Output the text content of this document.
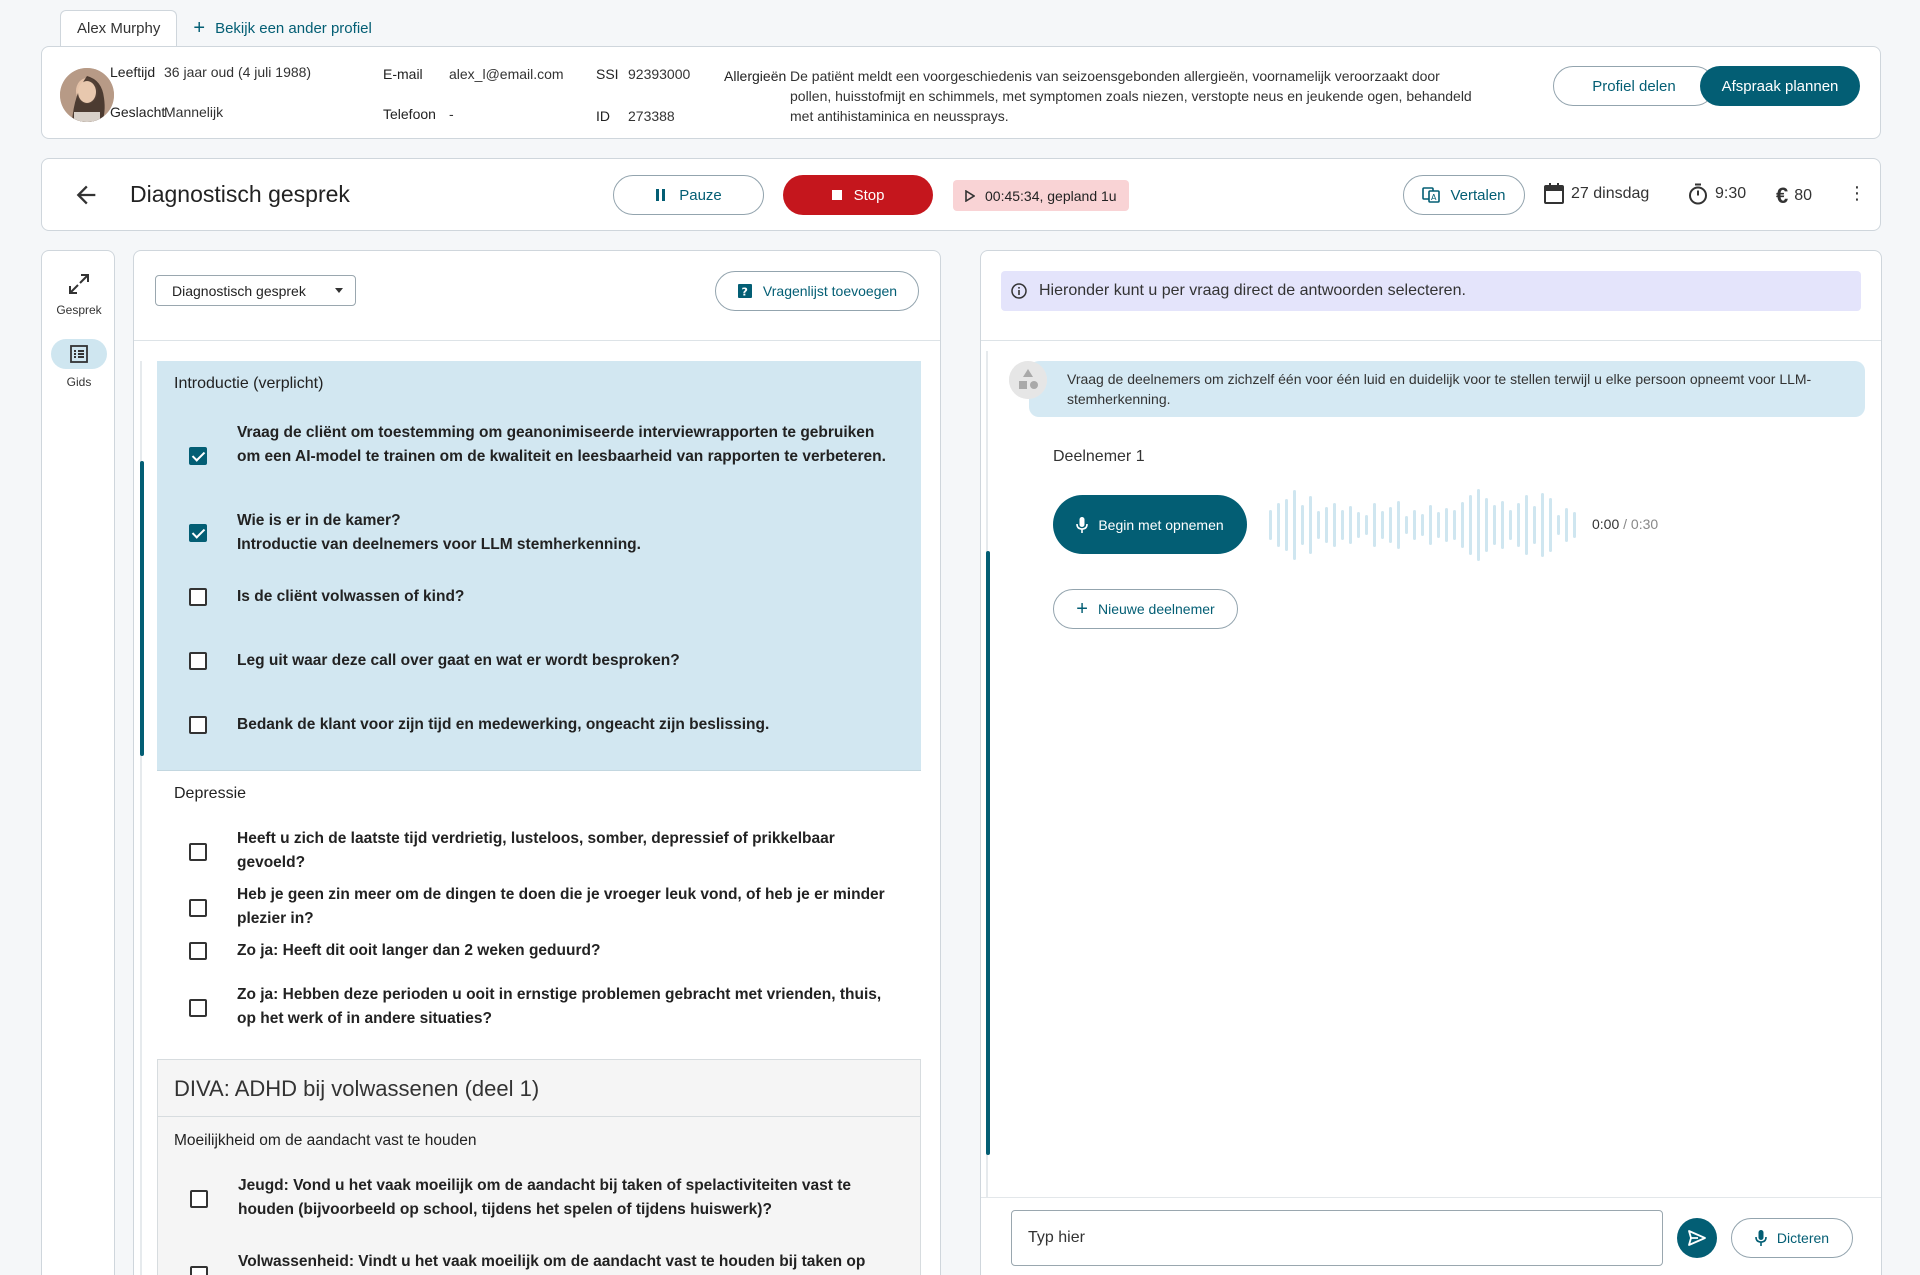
Alex Murphy + Bekijk een ander profiel
Leeftijd 36 jaar oud (4 juli 1988)
Geslacht
Mannelijk
E-mail alex_l@email.com
Telefoon -
SSI 92393000
ID 273388
Allergieën De patiënt meldt een voorgeschiedenis van seizoensgebonden allergieën, voornamelijk veroorzaakt door pollen, huisstofmijt en schimmels, met symptomen zoals niezen, verstopte neus en jeukende ogen, behandeld met antihistaminica en neussprays.
Profiel delen	Afspraak plannen
Diagnostisch gesprek	Pauze	Stop	00:45:34, gepland 1u	A Vertalen	27 dinsdag	9:30 € 80 ⋮
Gesprek
Gids
Diagnostisch gesprek	? Vragenlijst toevoegen
Introductie (verplicht)
Vraag de cliënt om toestemming om geanonimiseerde interviewrapporten te gebruiken om een AI-model te trainen om de kwaliteit en leesbaarheid van rapporten te verbeteren.
Wie is er in de kamer?
Introductie van deelnemers voor LLM stemherkenning.
Is de cliënt volwassen of kind?
Leg uit waar deze call over gaat en wat er wordt besproken?
Bedank de klant voor zijn tijd en medewerking, ongeacht zijn beslissing.
Depressie
Heeft u zich de laatste tijd verdrietig, lusteloos, somber, depressief of prikkelbaar gevoeld?
Heb je geen zin meer om de dingen te doen die je vroeger leuk vond, of heb je er minder plezier in?
Zo ja: Heeft dit ooit langer dan 2 weken geduurd?
Zo ja: Hebben deze perioden u ooit in ernstige problemen gebracht met vrienden, thuis, op het werk of in andere situaties?
DIVA: ADHD bij volwassenen (deel 1)
Moeilijkheid om de aandacht vast te houden
Jeugd: Vond u het vaak moeilijk om de aandacht bij taken of spelactiviteiten vast te houden (bijvoorbeeld op school, tijdens het spelen of tijdens huiswerk)?
Volwassenheid: Vindt u het vaak moeilijk om de aandacht vast te houden bij taken op
Hieronder kunt u per vraag direct de antwoorden selecteren.
Vraag de deelnemers om zichzelf één voor één luid en duidelijk voor te stellen terwijl u elke persoon opneemt voor LLM-stemherkenning.
Deelnemer 1
Begin met opnemen	0:00 / 0:30
+ Nieuwe deelnemer
Typ hier
Dicteren
